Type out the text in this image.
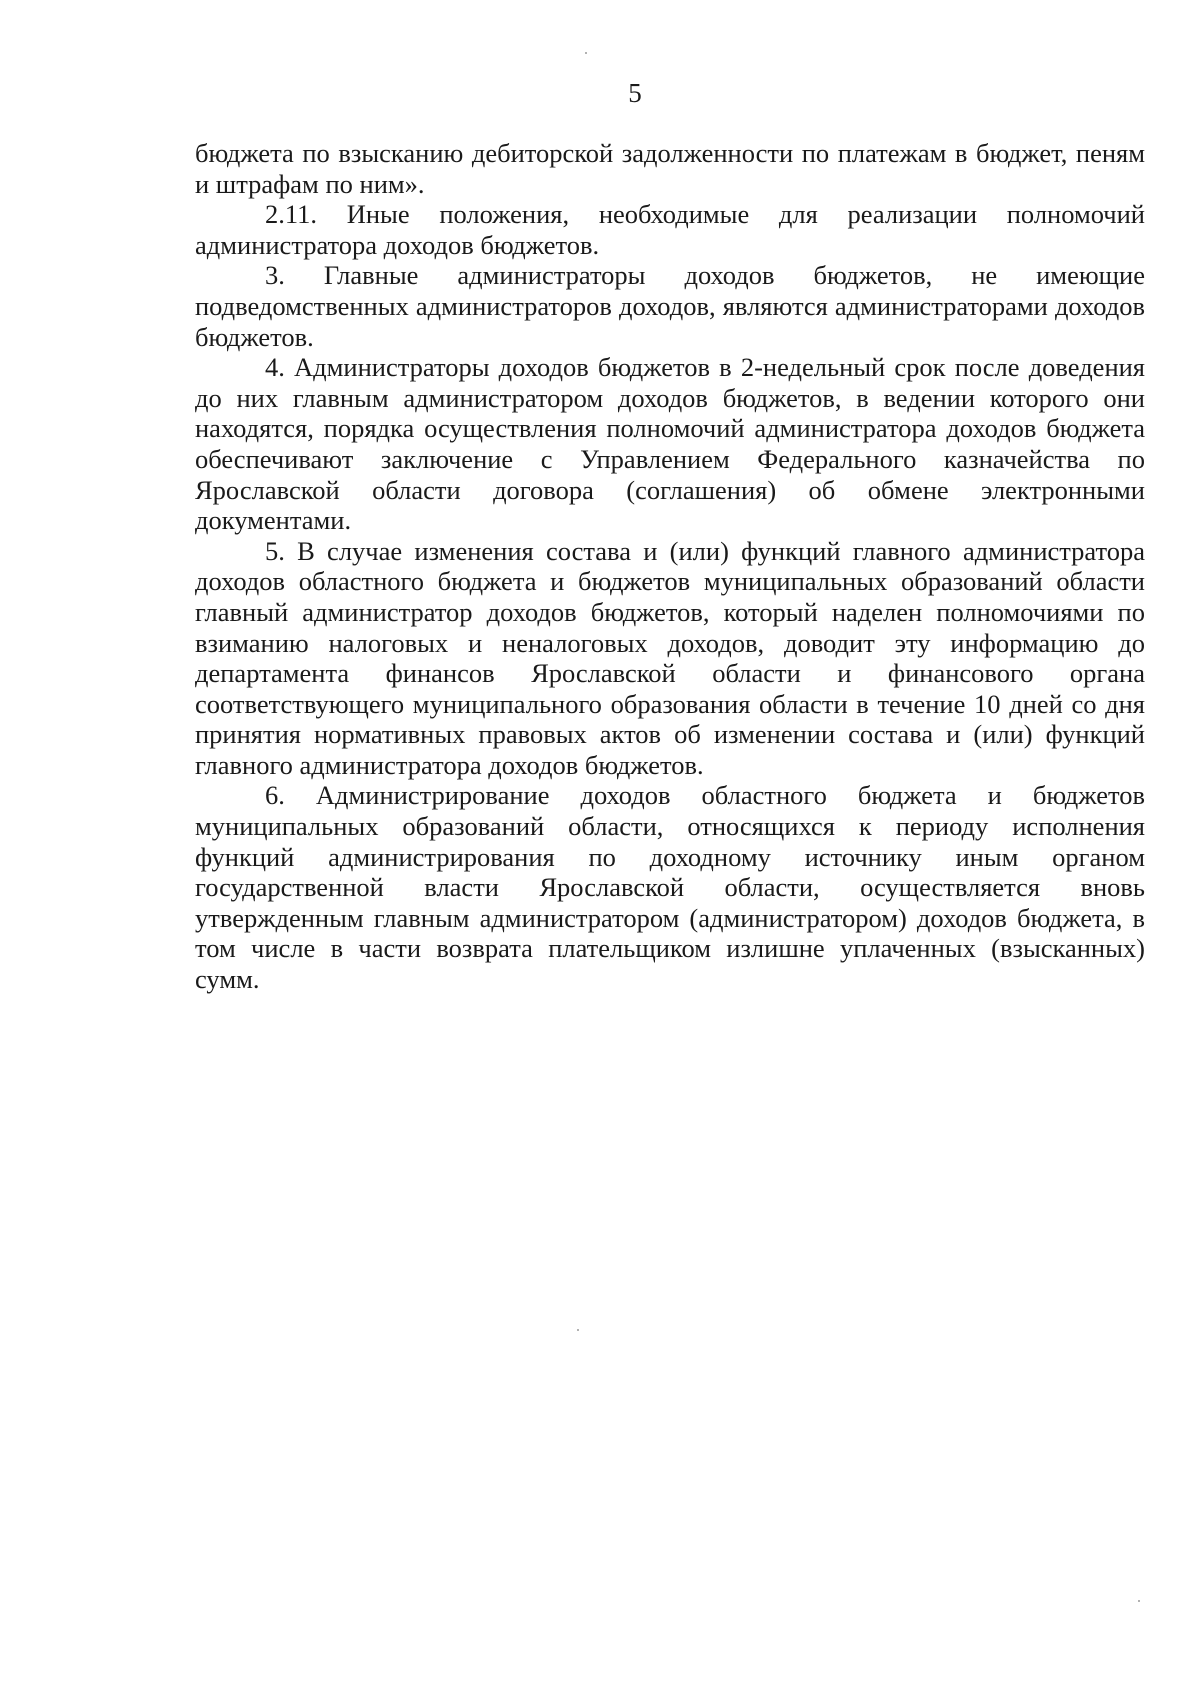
5

бюджета по взысканию дебиторской задолженности по платежам в бюджет, пеням и штрафам по ним».

2.11. Иные положения, необходимые для реализации полномочий администратора доходов бюджетов.

3. Главные администраторы доходов бюджетов, не имеющие подведомственных администраторов доходов, являются администраторами доходов бюджетов.

4. Администраторы доходов бюджетов в 2-недельный срок после доведения до них главным администратором доходов бюджетов, в ведении которого они находятся, порядка осуществления полномочий администратора доходов бюджета обеспечивают заключение с Управлением Федерального казначейства по Ярославской области договора (соглашения) об обмене электронными документами.

5. В случае изменения состава и (или) функций главного администратора доходов областного бюджета и бюджетов муниципальных образований области главный администратор доходов бюджетов, который наделен полномочиями по взиманию налоговых и неналоговых доходов, доводит эту информацию до департамента финансов Ярославской области и финансового органа соответствующего муниципального образования области в течение 10 дней со дня принятия нормативных правовых актов об изменении состава и (или) функций главного администратора доходов бюджетов.

6. Администрирование доходов областного бюджета и бюджетов муниципальных образований области, относящихся к периоду исполнения функций администрирования по доходному источнику иным органом государственной власти Ярославской области, осуществляется вновь утвержденным главным администратором (администратором) доходов бюджета, в том числе в части возврата плательщиком излишне уплаченных (взысканных) сумм.
